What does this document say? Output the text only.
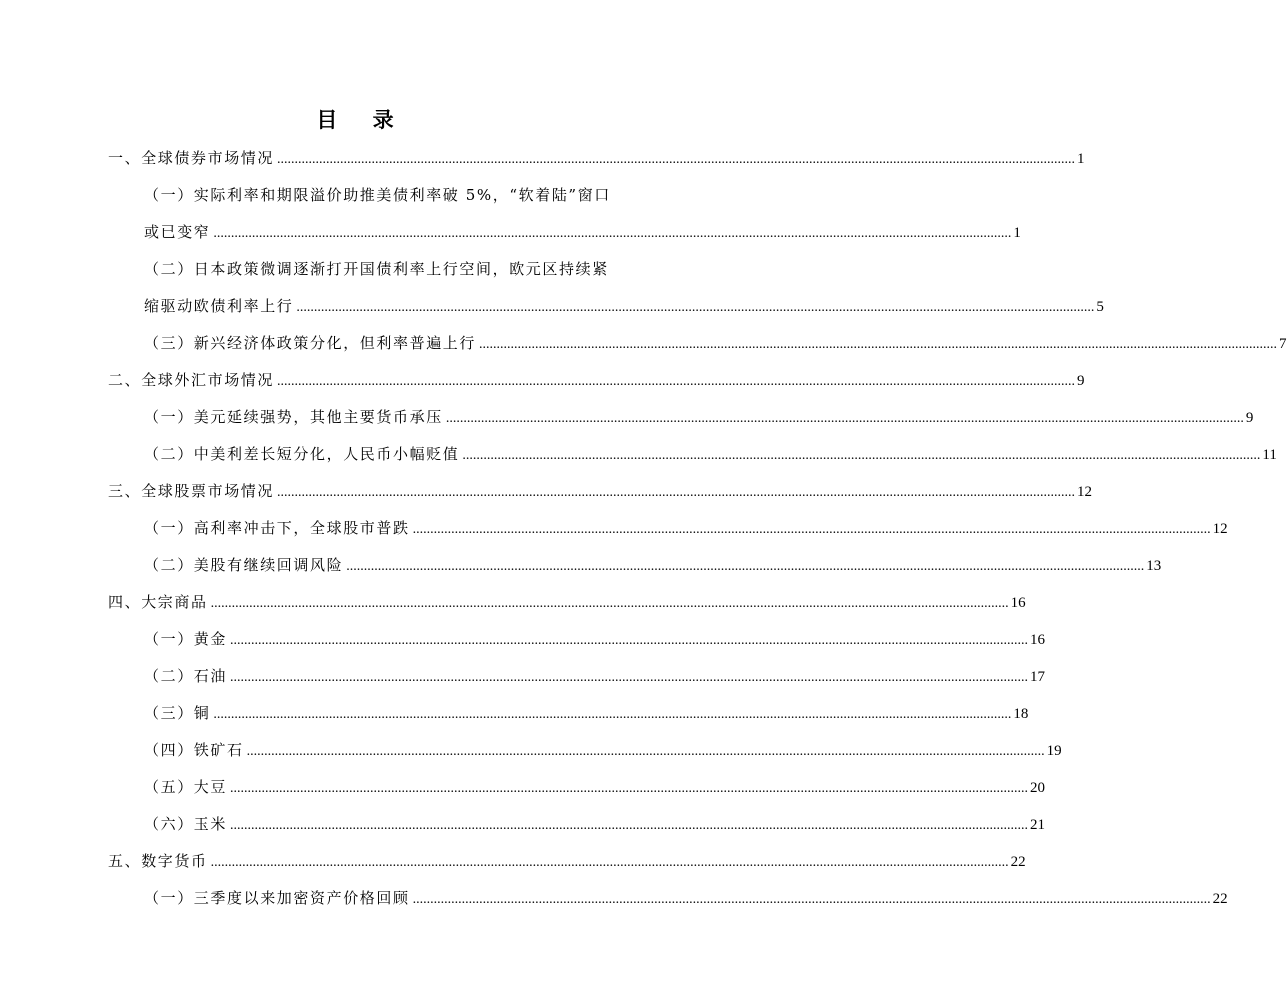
目 录
一、全球债券市场情况 .................................................................................................................................................................................................................................... 1
（一）实际利率和期限溢价助推美债利率破 5%，“软着陆”窗口
或已变窄 .................................................................................................................................................................................................................................... 1
（二）日本政策微调逐渐打开国债利率上行空间，欧元区持续紧
缩驱动欧债利率上行 .................................................................................................................................................................................................................................... 5
（三）新兴经济体政策分化，但利率普遍上行 .................................................................................................................................................................................................................................... 7
二、全球外汇市场情况 .................................................................................................................................................................................................................................... 9
（一）美元延续强势，其他主要货币承压 .................................................................................................................................................................................................................................... 9
（二）中美利差长短分化，人民币小幅贬值 .................................................................................................................................................................................................................................... 11
三、全球股票市场情况 .................................................................................................................................................................................................................................... 12
（一）高利率冲击下，全球股市普跌 .................................................................................................................................................................................................................................... 12
（二）美股有继续回调风险 .................................................................................................................................................................................................................................... 13
四、大宗商品 .................................................................................................................................................................................................................................... 16
（一）黄金 .................................................................................................................................................................................................................................... 16
（二）石油 .................................................................................................................................................................................................................................... 17
（三）铜 .................................................................................................................................................................................................................................... 18
（四）铁矿石 .................................................................................................................................................................................................................................... 19
（五）大豆 .................................................................................................................................................................................................................................... 20
（六）玉米 .................................................................................................................................................................................................................................... 21
五、数字货币 .................................................................................................................................................................................................................................... 22
（一）三季度以来加密资产价格回顾 .................................................................................................................................................................................................................................... 22
